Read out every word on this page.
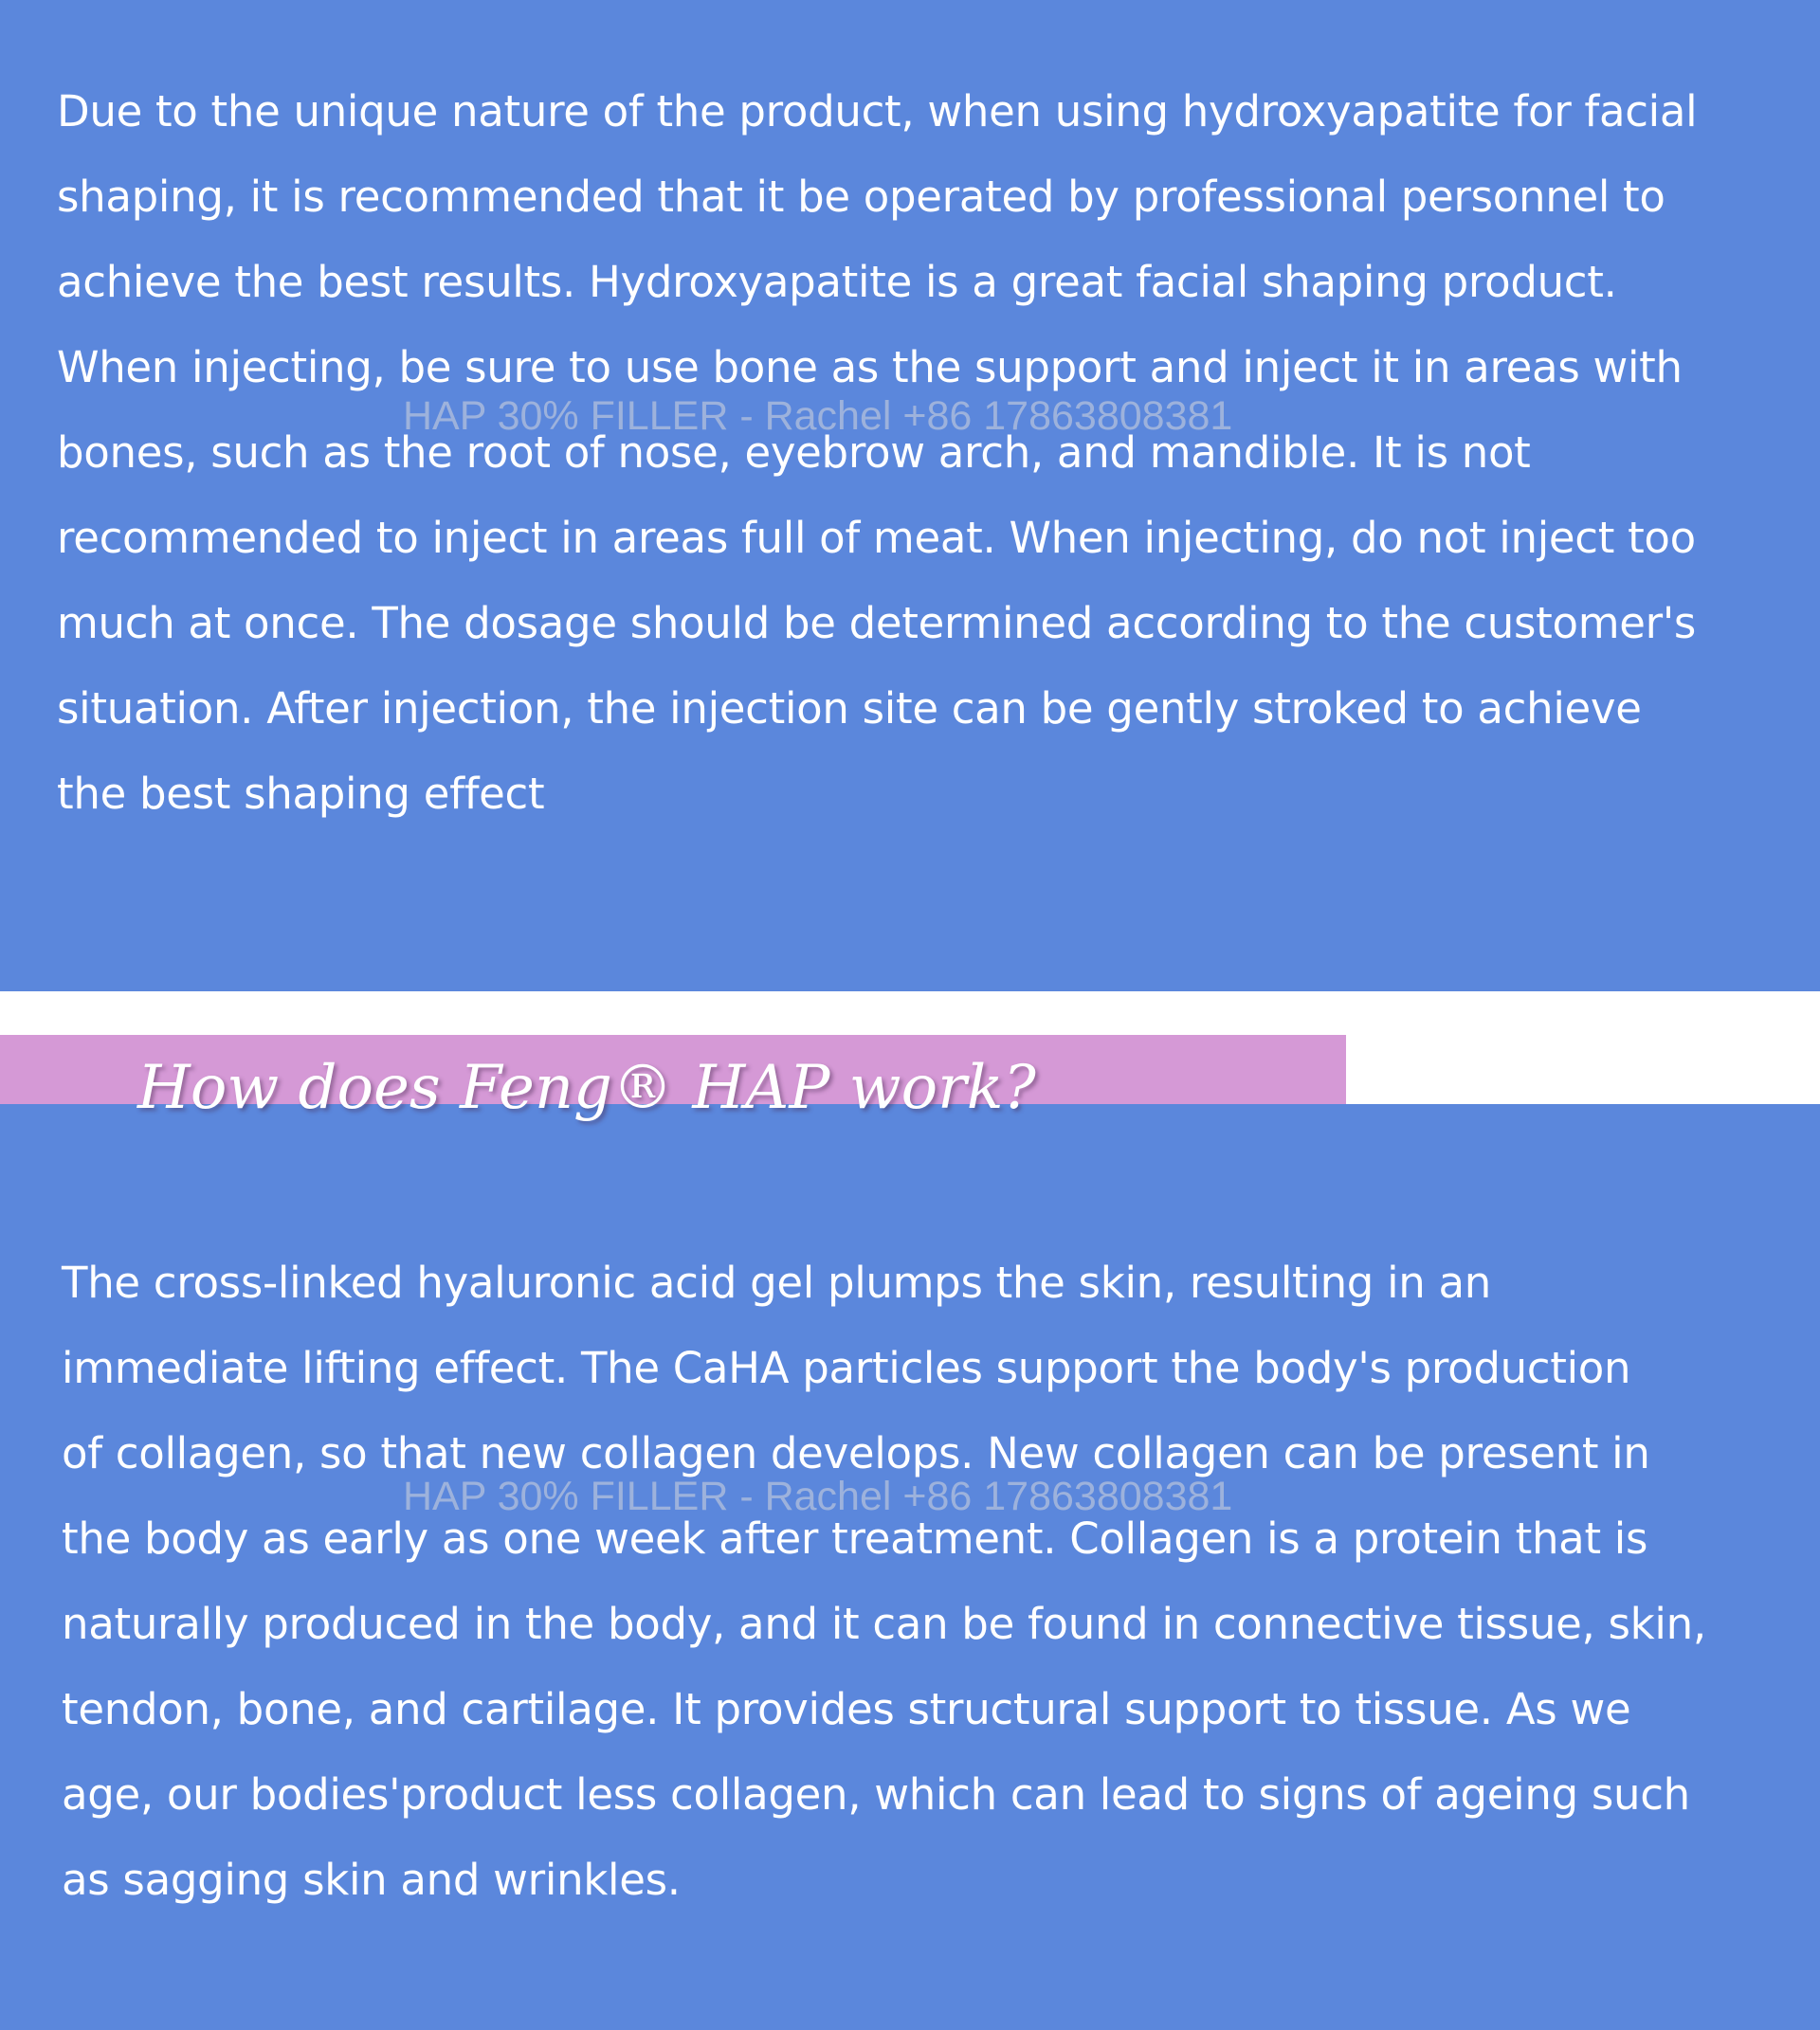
Due to the unique nature of the product, when using hydroxyapatite for facial
shaping, it is recommended that it be operated by professional personnel to
achieve the best results. Hydroxyapatite is a great facial shaping product.
When injecting, be sure to use bone as the support and inject it in areas with
bones, such as the root of nose, eyebrow arch, and mandible. It is not
recommended to inject in areas full of meat. When injecting, do not inject too
much at once. The dosage should be determined according to the customer's
situation. After injection, the injection site can be gently stroked to achieve
the best shaping effect

How does Feng® HAP work?

The cross-linked hyaluronic acid gel plumps the skin, resulting in an
immediate lifting effect. The CaHA particles support the body's production
of collagen, so that new collagen develops. New collagen can be present in
the body as early as one week after treatment. Collagen is a protein that is
naturally produced in the body, and it can be found in connective tissue, skin,
tendon, bone, and cartilage. It provides structural support to tissue. As we
age, our bodies'product less collagen, which can lead to signs of ageing such
as sagging skin and wrinkles.

HAP 30% FILLER - Rachel +86 17863808381
HAP 30% FILLER - Rachel +86 17863808381
